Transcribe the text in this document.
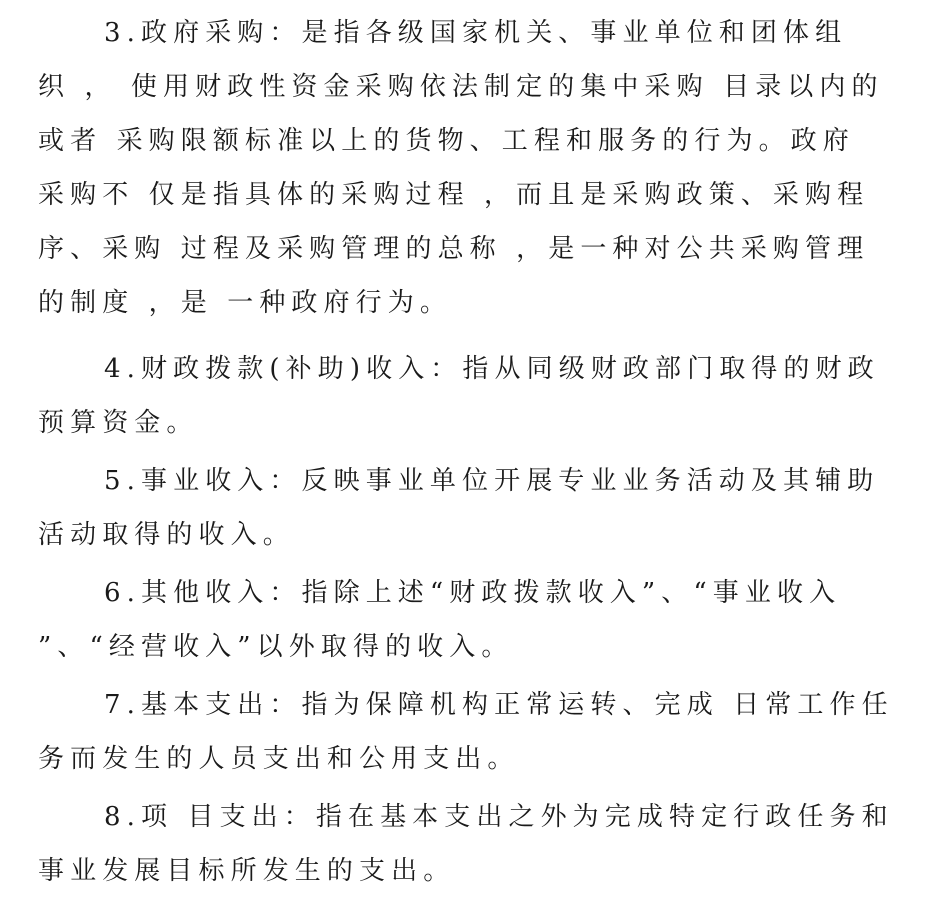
3.政府采购：是指各级国家机关、事业单位和团体组
织 ， 使用财政性资金采购依法制定的集中采购 目录以内的
或者 采购限额标准以上的货物、工程和服务的行为。政府
采购不 仅是指具体的采购过程 ，而且是采购政策、采购程
序、采购 过程及采购管理的总称 ，是一种对公共采购管理
的制度 ，是 一种政府行为。
4.财政拨款(补助)收入：指从同级财政部门取得的财政
预算资金。
5.事业收入：反映事业单位开展专业业务活动及其辅助
活动取得的收入。
6.其他收入：指除上述“财政拨款收入”、“事业收入
”、“经营收入”以外取得的收入。
7.基本支出：指为保障机构正常运转、完成 日常工作任
务而发生的人员支出和公用支出。
8.项 目支出：指在基本支出之外为完成特定行政任务和
事业发展目标所发生的支出。
